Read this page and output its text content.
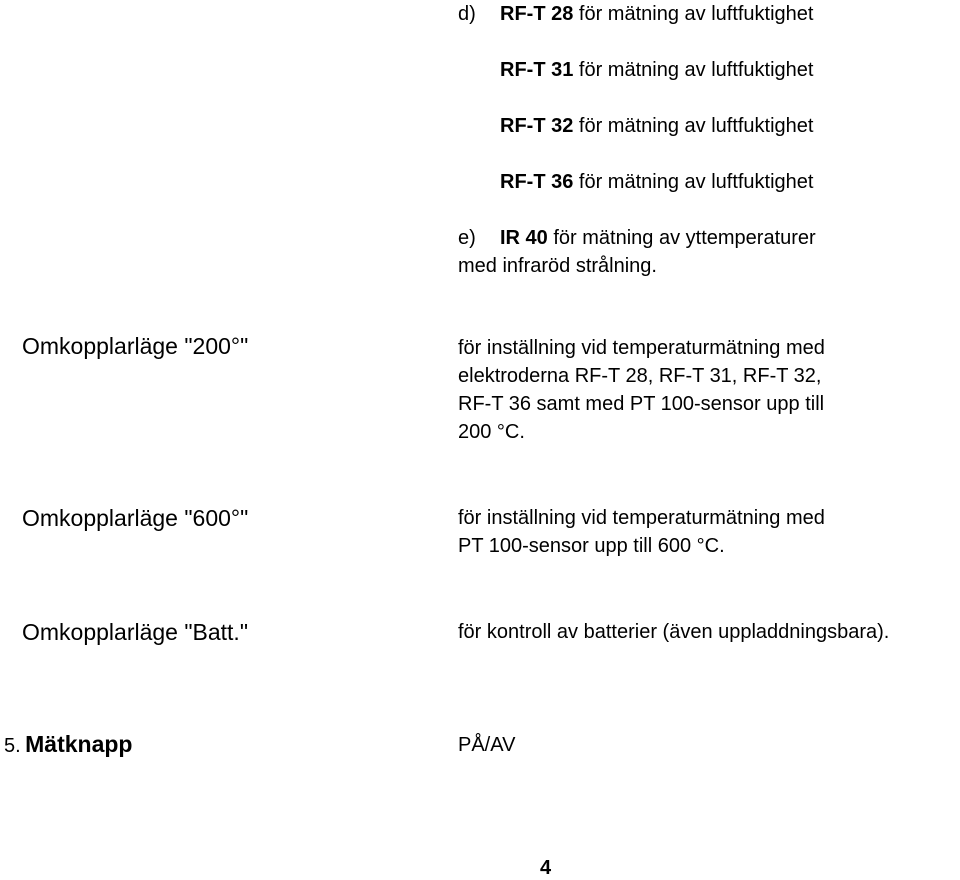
d) RF-T 28 för mätning av luftfuktighet
RF-T 31 för mätning av luftfuktighet
RF-T 32 för mätning av luftfuktighet
RF-T 36 för mätning av luftfuktighet
e) IR 40 för mätning av yttemperaturer
med infraröd strålning.
Omkopplarläge "200°"	för inställning vid temperaturmätning med

elektroderna RF-T 28, RF-T 31, RF-T 32,

RF-T 36 samt med PT 100-sensor upp till

200 °C.

Omkopplarläge "600°"	för inställning vid temperaturmätning med

PT 100-sensor upp till 600 °C.

Omkopplarläge "Batt."	för kontroll av batterier (även uppladdningsbara).

5. Mätknapp	PÅ/AV
4
